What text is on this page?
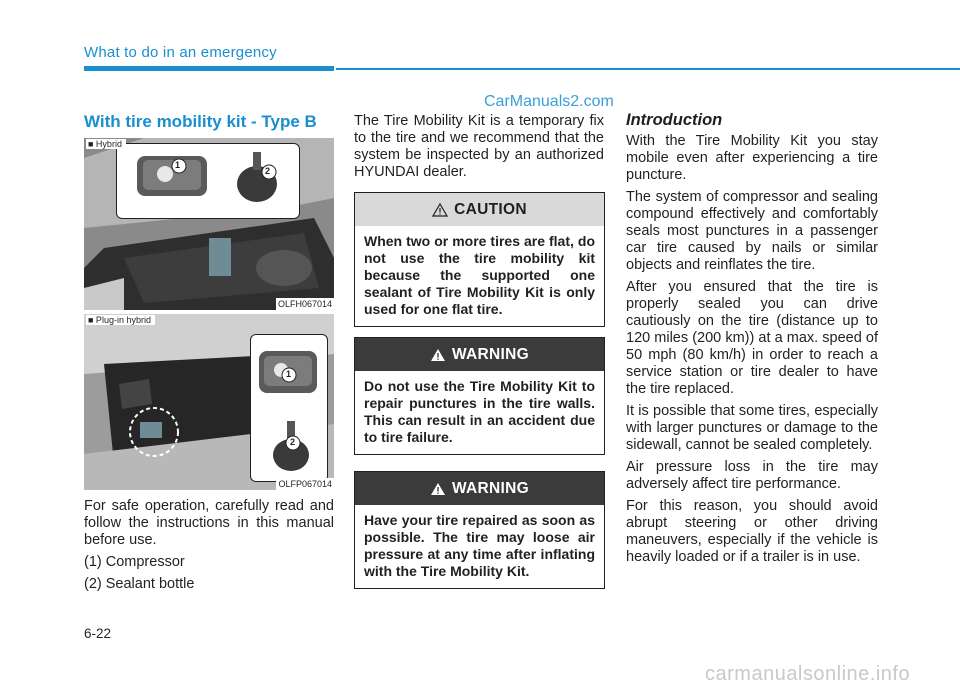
What to do in an emergency
CarManuals2.com
With tire mobility kit - Type B
1
2
■ Hybrid
OLFH067014
1
2
■ Plug-in hybrid
OLFP067014

For safe operation, carefully read and follow the instructions in this manual before use.

(1) Compressor

(2) Sealant bottle

The Tire Mobility Kit is a temporary fix to the tire and we recommend that the system be inspected by an authorized HYUNDAI dealer.
CAUTION
When two or more tires are flat, do not use the tire mobility kit because the supported one sealant of Tire Mobility Kit is only used for one flat tire.
WARNING
Do not use the Tire Mobility Kit to repair punctures in the tire walls. This can result in an accident due to tire failure.
WARNING
Have your tire repaired as soon as possible. The tire may loose air pressure at any time after inflating with the Tire Mobility Kit.
Introduction

With the Tire Mobility Kit you stay mobile even after experiencing a tire puncture.

The system of compressor and sealing compound effectively and comfortably seals most punctures in a passenger car tire caused by nails or similar objects and reinflates the tire.

After you ensured that the tire is properly sealed you can drive cautiously on the tire (distance up to 120 miles (200 km)) at a max. speed of 50 mph (80 km/h) in order to reach a service station or tire dealer to have the tire replaced.

It is possible that some tires, especially with larger punctures or damage to the sidewall, cannot be sealed completely.

Air pressure loss in the tire may adversely affect tire performance.

For this reason, you should avoid abrupt steering or other driving maneuvers, especially if the vehicle is heavily loaded or if a trailer is in use.

6-22
carmanualsonline.info
